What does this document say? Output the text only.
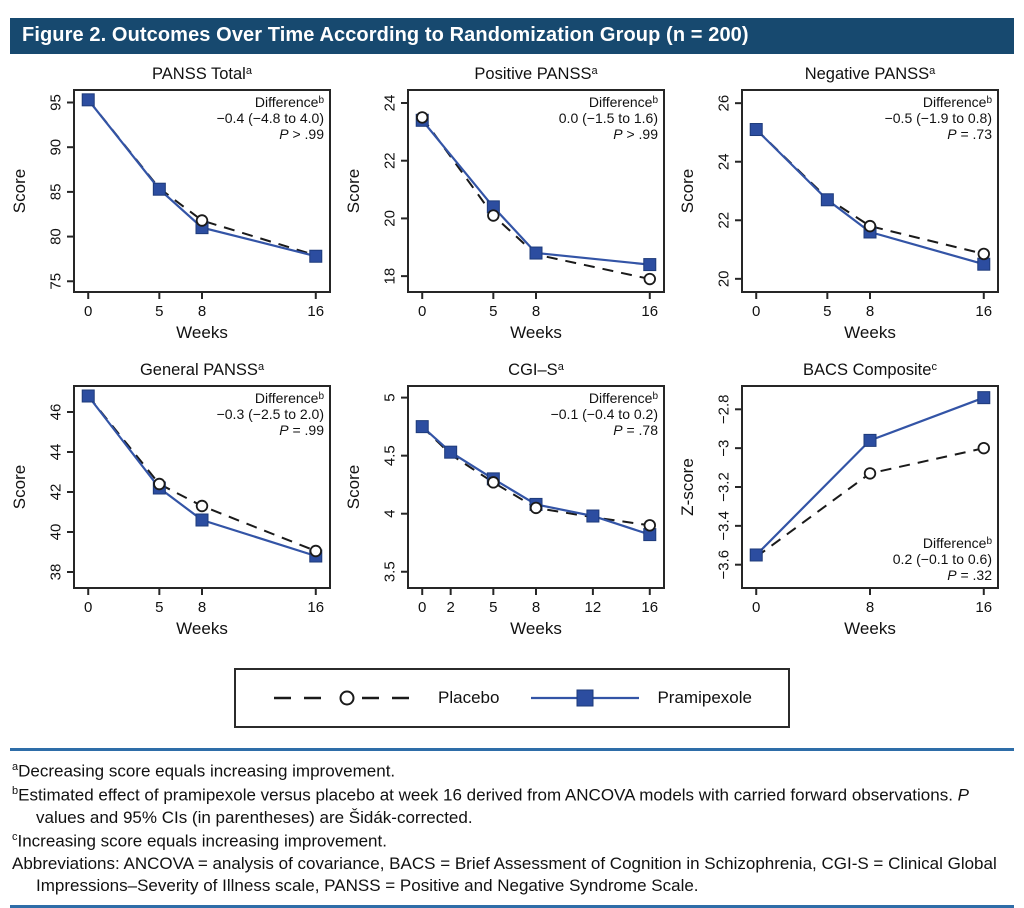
Figure 2. Outcomes Over Time According to Randomization Group (n = 200)
PANSS Total$^a$
75
80
85
90
95
0	5 8	16
Score
Weeks
Difference$^b$
−0.4 (−4.8 to 4.0)
P > .99
Positive PANSS$^a$
18
20
22
24
0	5 8	16
Score
Weeks
Difference$^b$
0.0 (−1.5 to 1.6)
P > .99
Negative PANSS$^a$
20
22
24
26
0	5 8	16
Score
Weeks
Difference$^b$
−0.5 (−1.9 to 0.8)
P = .73
General PANSS$^a$
38
40
42
44
46
0	5 8	16
Score
Weeks
Difference$^b$
−0.3 (−2.5 to 2.0)
P = .99
CGI–$S^a$
3.5
4
4.5
5
0 2 5 8	12	16
Score
Weeks
Difference$^b$
−0.1 (−0.4 to 0.2)
P = .78
BACS Composite$^c$
−3.6
−3.4
−3.2
−3
−2.8
0	8	16
Z-score
Weeks
Difference$^b$
0.2 (−0.1 to 0.6)
P = .32
Placebo	Pramipexole

$^a$Decreasing score equals increasing improvement.

$^b$Estimated effect of pramipexole versus placebo at week 16 derived from ANCOVA models with carried forward observations. P values and 95% CIs (in parentheses) are Šidák-corrected.

$^c$Increasing score equals increasing improvement.

Abbreviations: ANCOVA = analysis of covariance, BACS = Brief Assessment of Cognition in Schizophrenia, CGI-S = Clinical Global Impressions–Severity of Illness scale, PANSS = Positive and Negative Syndrome Scale.
